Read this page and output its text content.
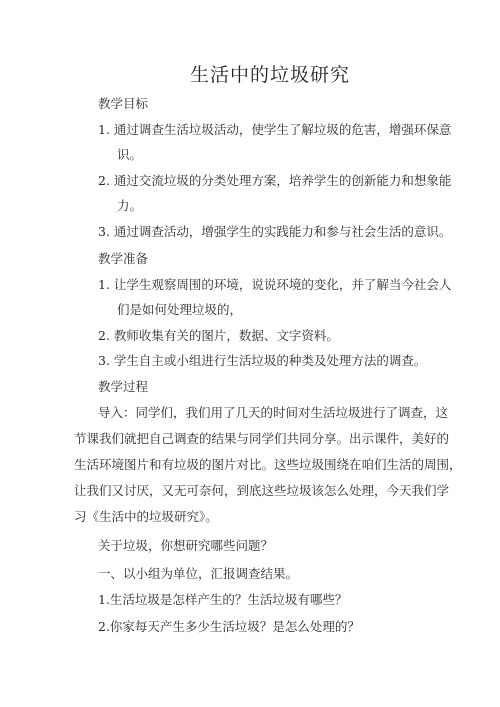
生活中的垃圾研究
教学目标
1. 通过调查生活垃圾活动，使学生了解垃圾的危害，增强环保意
识。
2. 通过交流垃圾的分类处理方案，培养学生的创新能力和想象能
力。
3. 通过调查活动，增强学生的实践能力和参与社会生活的意识。
教学准备
1. 让学生观察周围的环境，说说环境的变化，并了解当今社会人
们是如何处理垃圾的，
2. 教师收集有关的图片，数据、文字资料。
3. 学生自主或小组进行生活垃圾的种类及处理方法的调查。
教学过程
导入：同学们，我们用了几天的时间对生活垃圾进行了调查，这
节课我们就把自己调查的结果与同学们共同分享。出示课件，美好的
生活环境图片和有垃圾的图片对比。这些垃圾围绕在咱们生活的周围，
让我们又讨厌，又无可奈何，到底这些垃圾该怎么处理，今天我们学
习《生活中的垃圾研究》。
关于垃圾，你想研究哪些问题？
一、以小组为单位，汇报调查结果。
1.生活垃圾是怎样产生的？生活垃圾有哪些？
2.你家每天产生多少生活垃圾？是怎么处理的？
